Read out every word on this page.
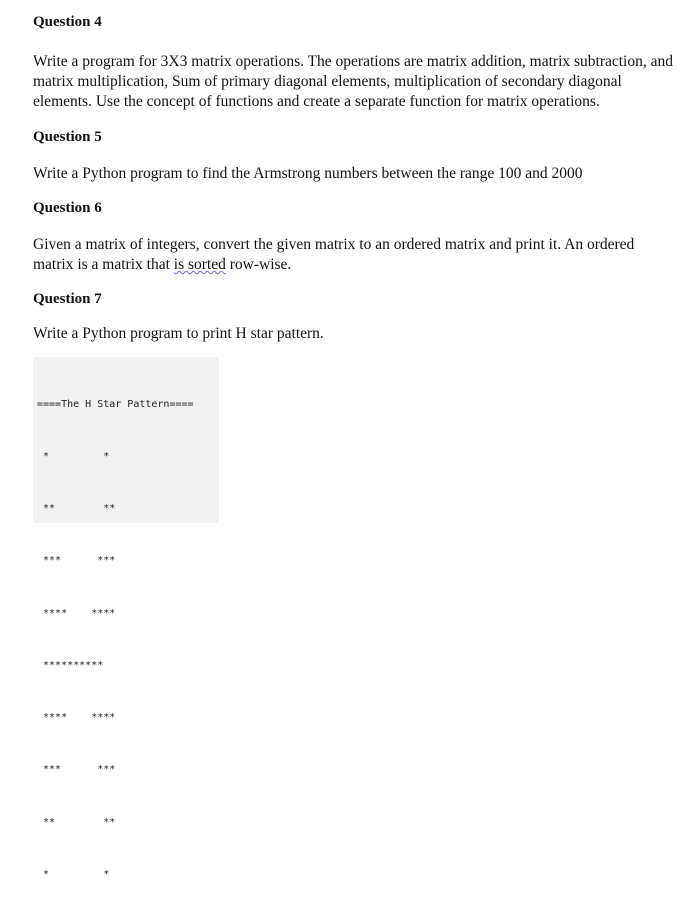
Question 4

Write a program for 3X3 matrix operations. The operations are matrix addition, matrix subtraction, and matrix multiplication, Sum of primary diagonal elements, multiplication of secondary diagonal elements. Use the concept of functions and create a separate function for matrix operations.

Question 5

Write a Python program to find the Armstrong numbers between the range 100 and 2000

Question 6

Given a matrix of integers, convert the given matrix to an ordered matrix and print it. An ordered matrix is a matrix that is sorted row-wise.

Question 7

Write a Python program to print H star pattern.

====The H Star Pattern====

*         *

**        **

***      ***

****    ****

**********

****    ****

***      ***

**        **

*         *
